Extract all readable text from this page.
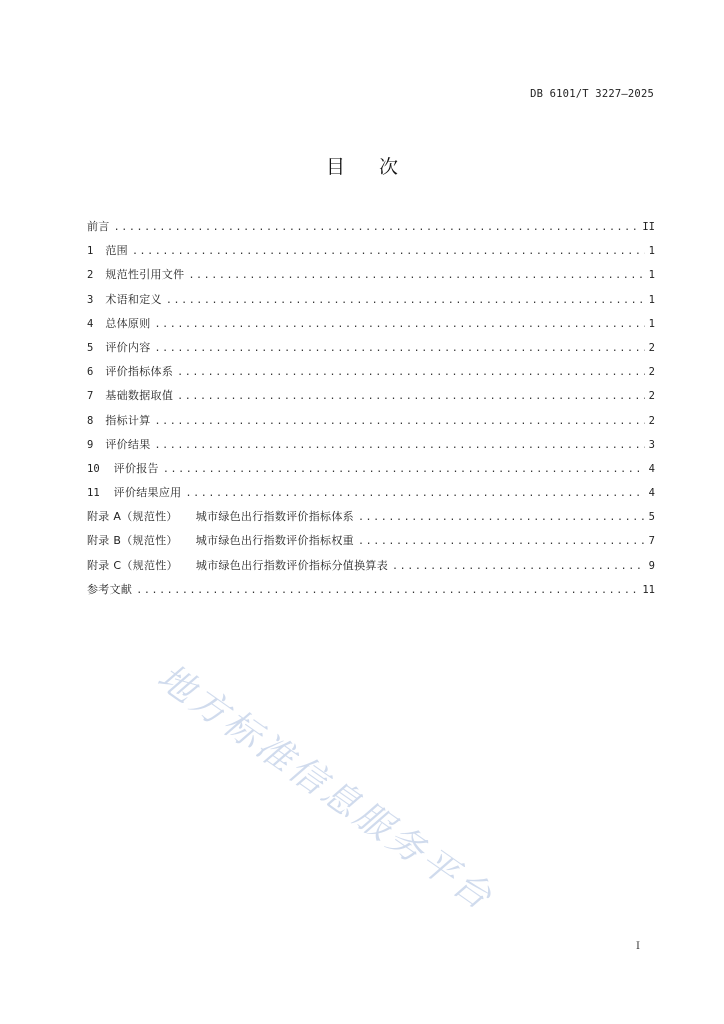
DB 6101/T 3227—2025
目 次
前言 .....	II
1 范围 .....	1
2 规范性引用文件 .....	1
3 术语和定义 .....	1
4 总体原则 .....	1
5 评价内容 .....	2
6 评价指标体系 .....	2
7 基础数据取值 .....	2
8 指标计算 .....	2
9 评价结果 .....	3
10 评价报告 .....	4
11 评价结果应用 .....	4
附录 A（规范性） 城市绿色出行指数评价指标体系 .....	5
附录 B（规范性） 城市绿色出行指数评价指标权重 .....	7
附录 C（规范性） 城市绿色出行指数评价指标分值换算表 .....	9
参考文献 .....	11
地方标准信息服务平台
I
